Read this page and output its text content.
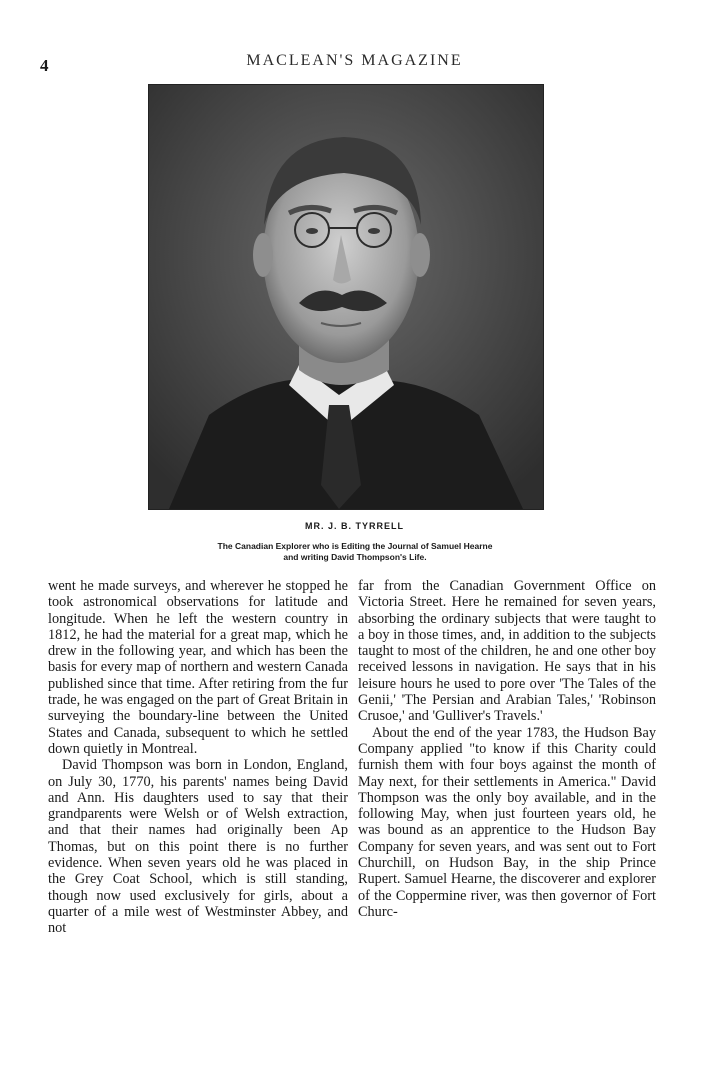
4	MACLEAN'S MAGAZINE
MR. J. B. TYRRELL
The Canadian Explorer who is Editing the Journal of Samuel Hearne
and writing David Thompson's Life.

went he made surveys, and wherever he stopped he took astronomical observations for latitude and longitude. When he left the western country in 1812, he had the material for a great map, which he drew in the following year, and which has been the basis for every map of northern and western Canada published since that time. After retiring from the fur trade, he was engaged on the part of Great Britain in surveying the boundary-line between the United States and Canada, subsequent to which he settled down quietly in Montreal.

David Thompson was born in London, England, on July 30, 1770, his parents' names being David and Ann. His daughters used to say that their grandparents were Welsh or of Welsh extraction, and that their names had originally been Ap Thomas, but on this point there is no further evidence. When seven years old he was placed in the Grey Coat School, which is still standing, though now used exclusively for girls, about a quarter of a mile west of Westminster Abbey, and not

far from the Canadian Government Office on Victoria Street. Here he remained for seven years, absorbing the ordinary subjects that were taught to a boy in those times, and, in addition to the subjects taught to most of the children, he and one other boy received lessons in navigation. He says that in his leisure hours he used to pore over 'The Tales of the Genii,' 'The Persian and Arabian Tales,' 'Robinson Crusoe,' and 'Gulliver's Travels.'

About the end of the year 1783, the Hudson Bay Company applied "to know if this Charity could furnish them with four boys against the month of May next, for their settlements in America." David Thompson was the only boy available, and in the following May, when just fourteen years old, he was bound as an apprentice to the Hudson Bay Company for seven years, and was sent out to Fort Churchill, on Hudson Bay, in the ship Prince Rupert. Samuel Hearne, the discoverer and explorer of the Coppermine river, was then governor of Fort Churc-
